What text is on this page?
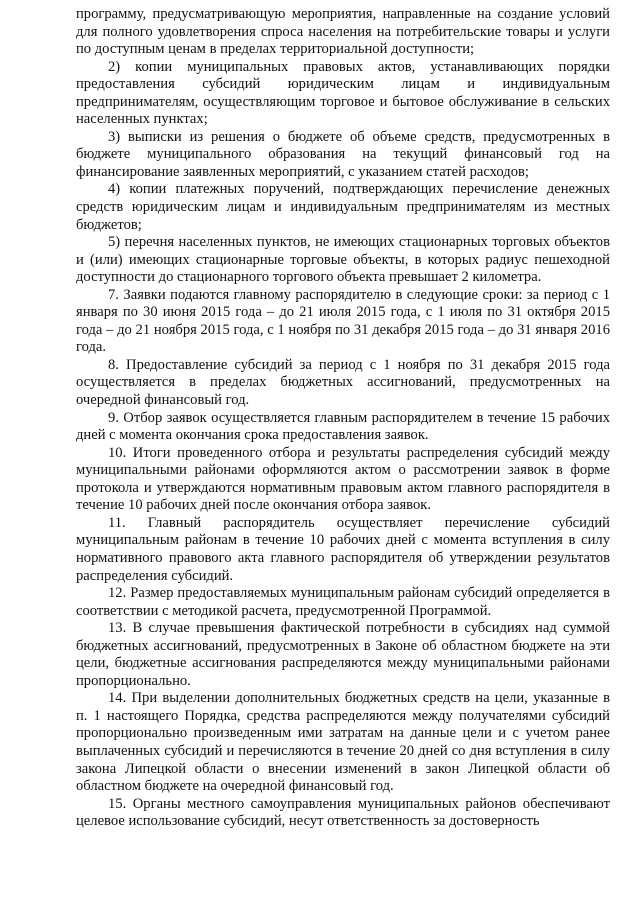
программу, предусматривающую мероприятия, направленные на создание условий для полного удовлетворения спроса населения на потребительские товары и услуги по доступным ценам в пределах территориальной доступности;

2) копии муниципальных правовых актов, устанавливающих порядки предоставления субсидий юридическим лицам и индивидуальным предпринимателям, осуществляющим торговое и бытовое обслуживание в сельских населенных пунктах;

3) выписки из решения о бюджете об объеме средств, предусмотренных в бюджете муниципального образования на текущий финансовый год на финансирование заявленных мероприятий, с указанием статей расходов;

4) копии платежных поручений, подтверждающих перечисление денежных средств юридическим лицам и индивидуальным предпринимателям из местных бюджетов;

5) перечня населенных пунктов, не имеющих стационарных торговых объектов и (или) имеющих стационарные торговые объекты, в которых радиус пешеходной доступности до стационарного торгового объекта превышает 2 километра.

7. Заявки подаются главному распорядителю в следующие сроки: за период с 1 января по 30 июня 2015 года – до 21 июля 2015 года, с 1 июля по 31 октября 2015 года – до 21 ноября 2015 года, с 1 ноября по 31 декабря 2015 года – до 31 января 2016 года.

8. Предоставление субсидий за период с 1 ноября по 31 декабря 2015 года осуществляется в пределах бюджетных ассигнований, предусмотренных на очередной финансовый год.

9. Отбор заявок осуществляется главным распорядителем в течение 15 рабочих дней с момента окончания срока предоставления заявок.

10. Итоги проведенного отбора и результаты распределения субсидий между муниципальными районами оформляются актом о рассмотрении заявок в форме протокола и утверждаются нормативным правовым актом главного распорядителя в течение 10 рабочих дней после окончания отбора заявок.

11. Главный распорядитель осуществляет перечисление субсидий муниципальным районам в течение 10 рабочих дней с момента вступления в силу нормативного правового акта главного распорядителя об утверждении результатов распределения субсидий.

12. Размер предоставляемых муниципальным районам субсидий определяется в соответствии с методикой расчета, предусмотренной Программой.

13. В случае превышения фактической потребности в субсидиях над суммой бюджетных ассигнований, предусмотренных в Законе об областном бюджете на эти цели, бюджетные ассигнования распределяются между муниципальными районами пропорционально.

14. При выделении дополнительных бюджетных средств на цели, указанные в п. 1 настоящего Порядка, средства распределяются между получателями субсидий пропорционально произведенным ими затратам на данные цели и с учетом ранее выплаченных субсидий и перечисляются в течение 20 дней со дня вступления в силу закона Липецкой области о внесении изменений в закон Липецкой области об областном бюджете на очередной финансовый год.

15. Органы местного самоуправления муниципальных районов обеспечивают целевое использование субсидий, несут ответственность за достоверность
